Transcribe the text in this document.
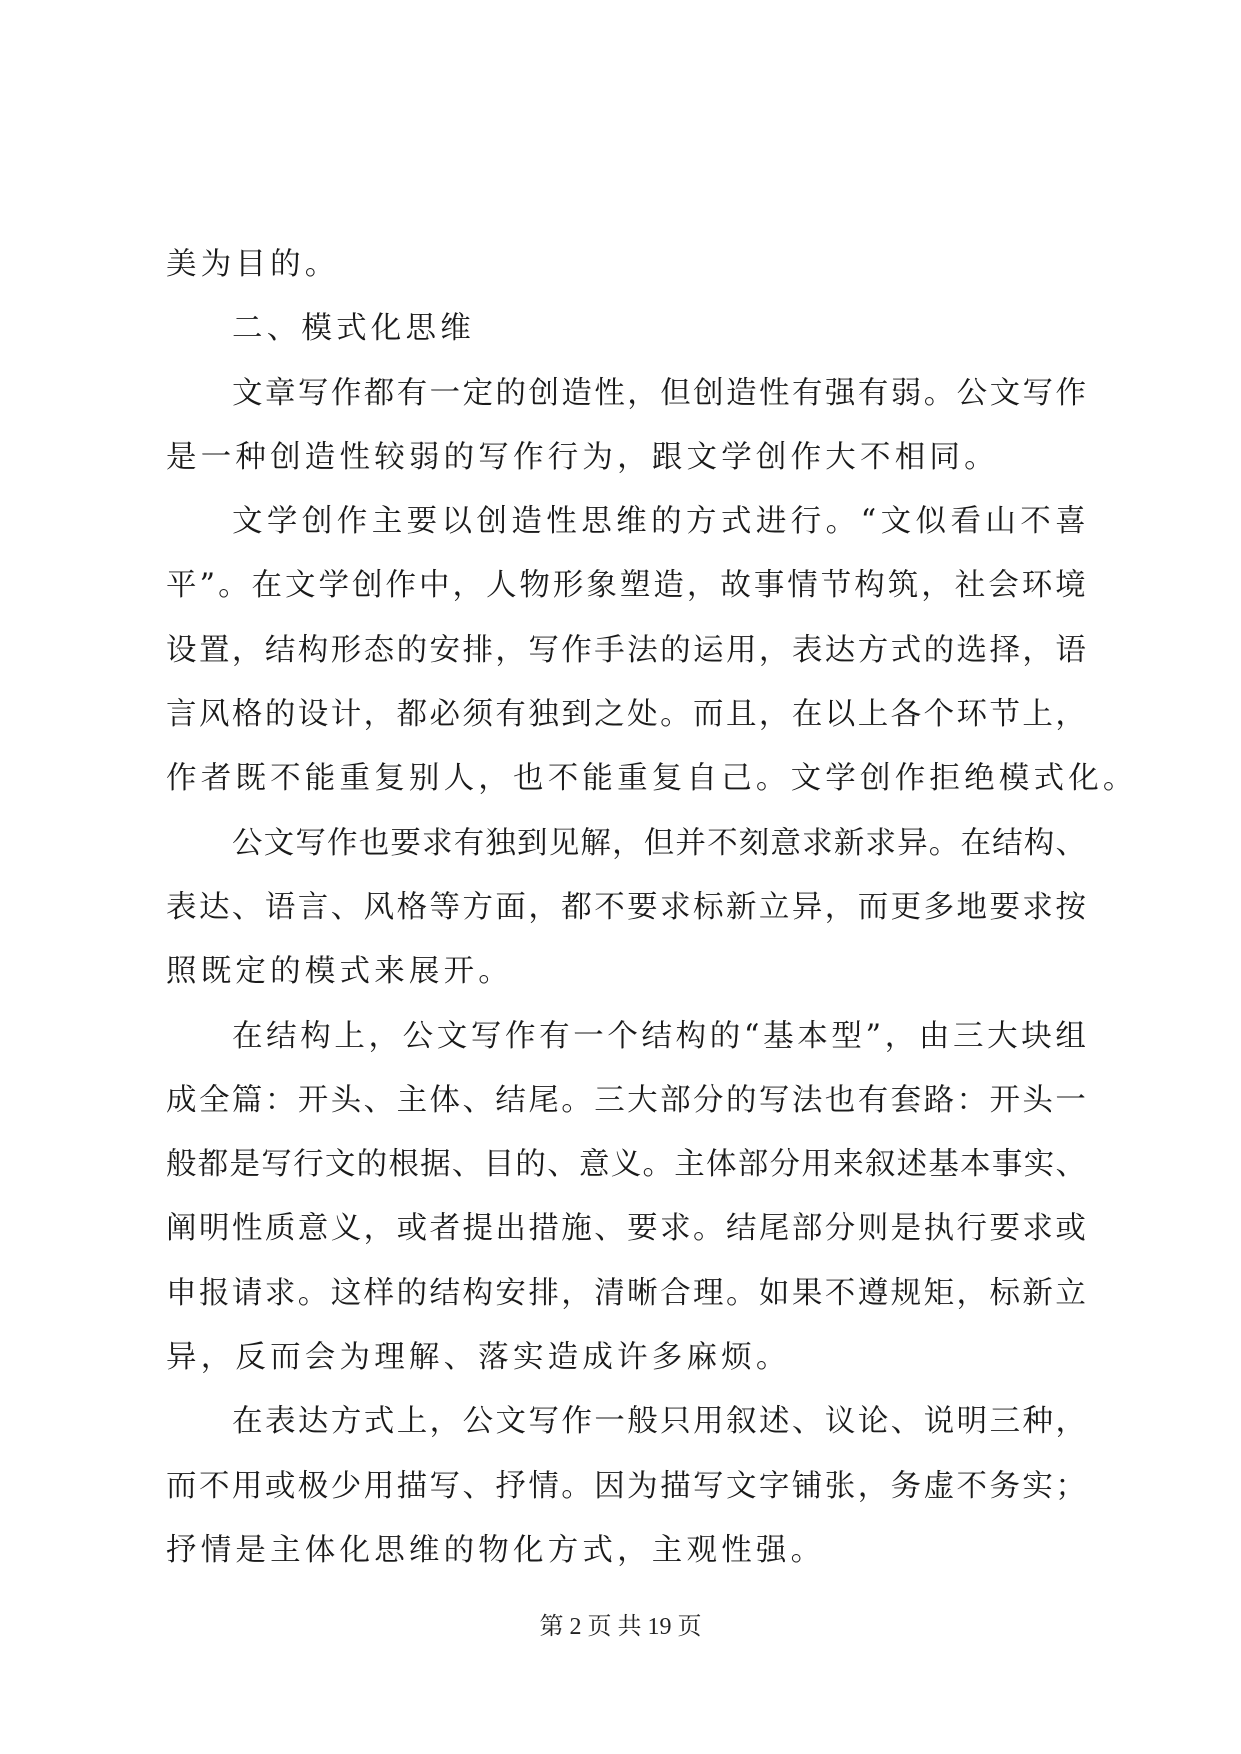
美为目的。
二、模式化思维
文 章 写 作 都 有 一 定 的 创 造 性 ， 但 创 造 性 有 强 有 弱 。 公 文 写 作
是一种创造性较弱的写作行为，跟文学创作大不相同。
文 学 创 作 主 要 以 创 造 性 思 维 的 方 式 进 行 。 “ 文 似 看 山 不 喜
平 ” 。 在 文 学 创 作 中 ， 人 物 形 象 塑 造 ， 故 事 情 节 构 筑 ， 社 会 环 境
设 置 ， 结 构 形 态 的 安 排 ， 写 作 手 法 的 运 用 ， 表 达 方 式 的 选 择 ， 语
言 风 格 的 设 计 ， 都 必 须 有 独 到 之 处 。 而 且 ， 在 以 上 各 个 环 节 上 ，
作者既不能重复别人，也不能重复自己。文学创作拒绝模式化。
公 文 写 作 也 要 求 有 独 到 见 解 ， 但 并 不 刻 意 求 新 求 异 。 在 结 构 、
表 达 、 语 言 、 风 格 等 方 面 ， 都 不 要 求 标 新 立 异 ， 而 更 多 地 要 求 按
照既定的模式来展开。
在 结 构 上 ， 公 文 写 作 有 一 个 结 构 的 “ 基 本 型 ” ， 由 三 大 块 组
成 全 篇 ： 开 头 、 主 体 、 结 尾 。 三 大 部 分 的 写 法 也 有 套 路 ： 开 头 一
般 都 是 写 行 文 的 根 据 、 目 的 、 意 义 。 主 体 部 分 用 来 叙 述 基 本 事 实 、
阐 明 性 质 意 义 ， 或 者 提 出 措 施 、 要 求 。 结 尾 部 分 则 是 执 行 要 求 或
申 报 请 求 。 这 样 的 结 构 安 排 ， 清 晰 合 理 。 如 果 不 遵 规 矩 ， 标 新 立
异，反而会为理解、落实造成许多麻烦。
在 表 达 方 式 上 ， 公 文 写 作 一 般 只 用 叙 述 、 议 论 、 说 明 三 种 ，
而 不 用 或 极 少 用 描 写 、 抒 情 。 因 为 描 写 文 字 铺 张 ， 务 虚 不 务 实 ；
抒情是主体化思维的物化方式，主观性强。
第 2 页 共 19 页
